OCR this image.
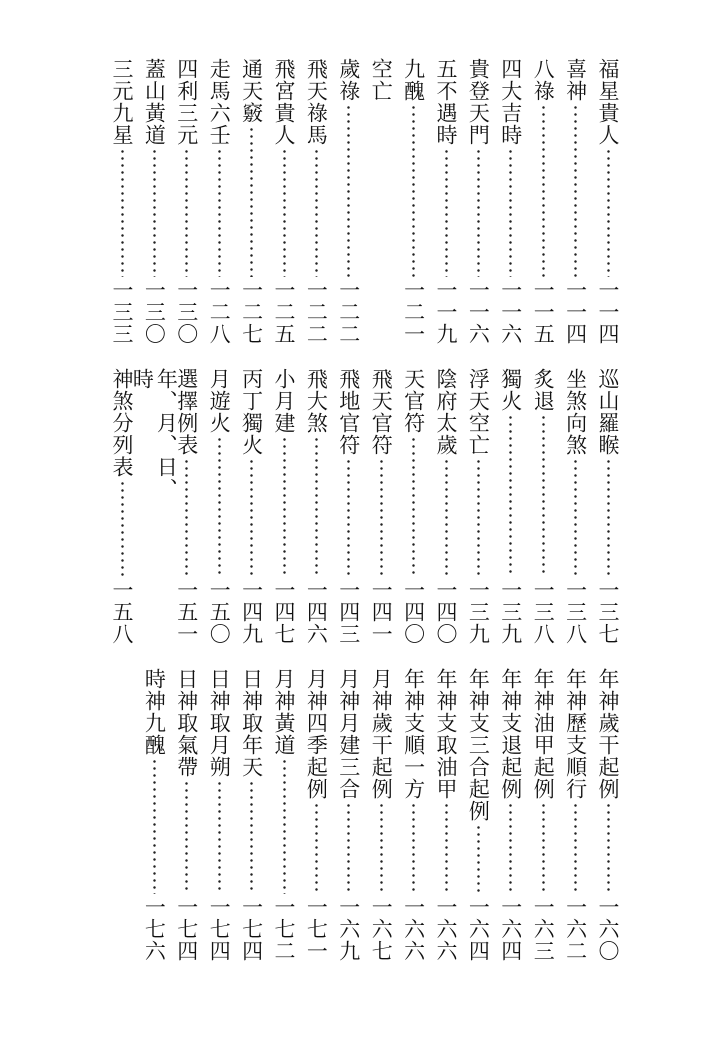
福星貴人
一一四
喜神
一一四
八祿
一一五
四大吉時
一一六
貴登天門
一一六
五不遇時
一一九
九醜
一二一
空亡
歲祿
一二二
飛天祿馬
一二二
飛宮貴人
一二五
通天竅
一二七
走馬六壬
一二八
四利三元
一三〇
蓋山黃道
一三〇
三元九星
一三三
巡山羅睺
一三七
坐煞向煞
一三八
炙退
一三八
獨火
一三九
浮天空亡
一三九
陰府太歲
一四〇
天官符
一四〇
飛天官符
一四一
飛地官符
一四三
飛大煞
一四六
小月建
一四七
丙丁獨火
一四九
月遊火
一五〇
選擇例表
一五一
年、月、日、時
神煞分列表
一五八
年神歲干起例
一六〇
年神歷支順行
一六二
年神油甲起例
一六三
年神支退起例
一六四
年神支三合起例
一六四
年神支取油甲
一六六
年神支順一方
一六六
月神歲干起例
一六七
月神月建三合
一六九
月神四季起例
一七一
月神黃道
一七二
日神取年天
一七四
日神取月朔
一七四
日神取氣帶
一七四
時神九醜
一七六
